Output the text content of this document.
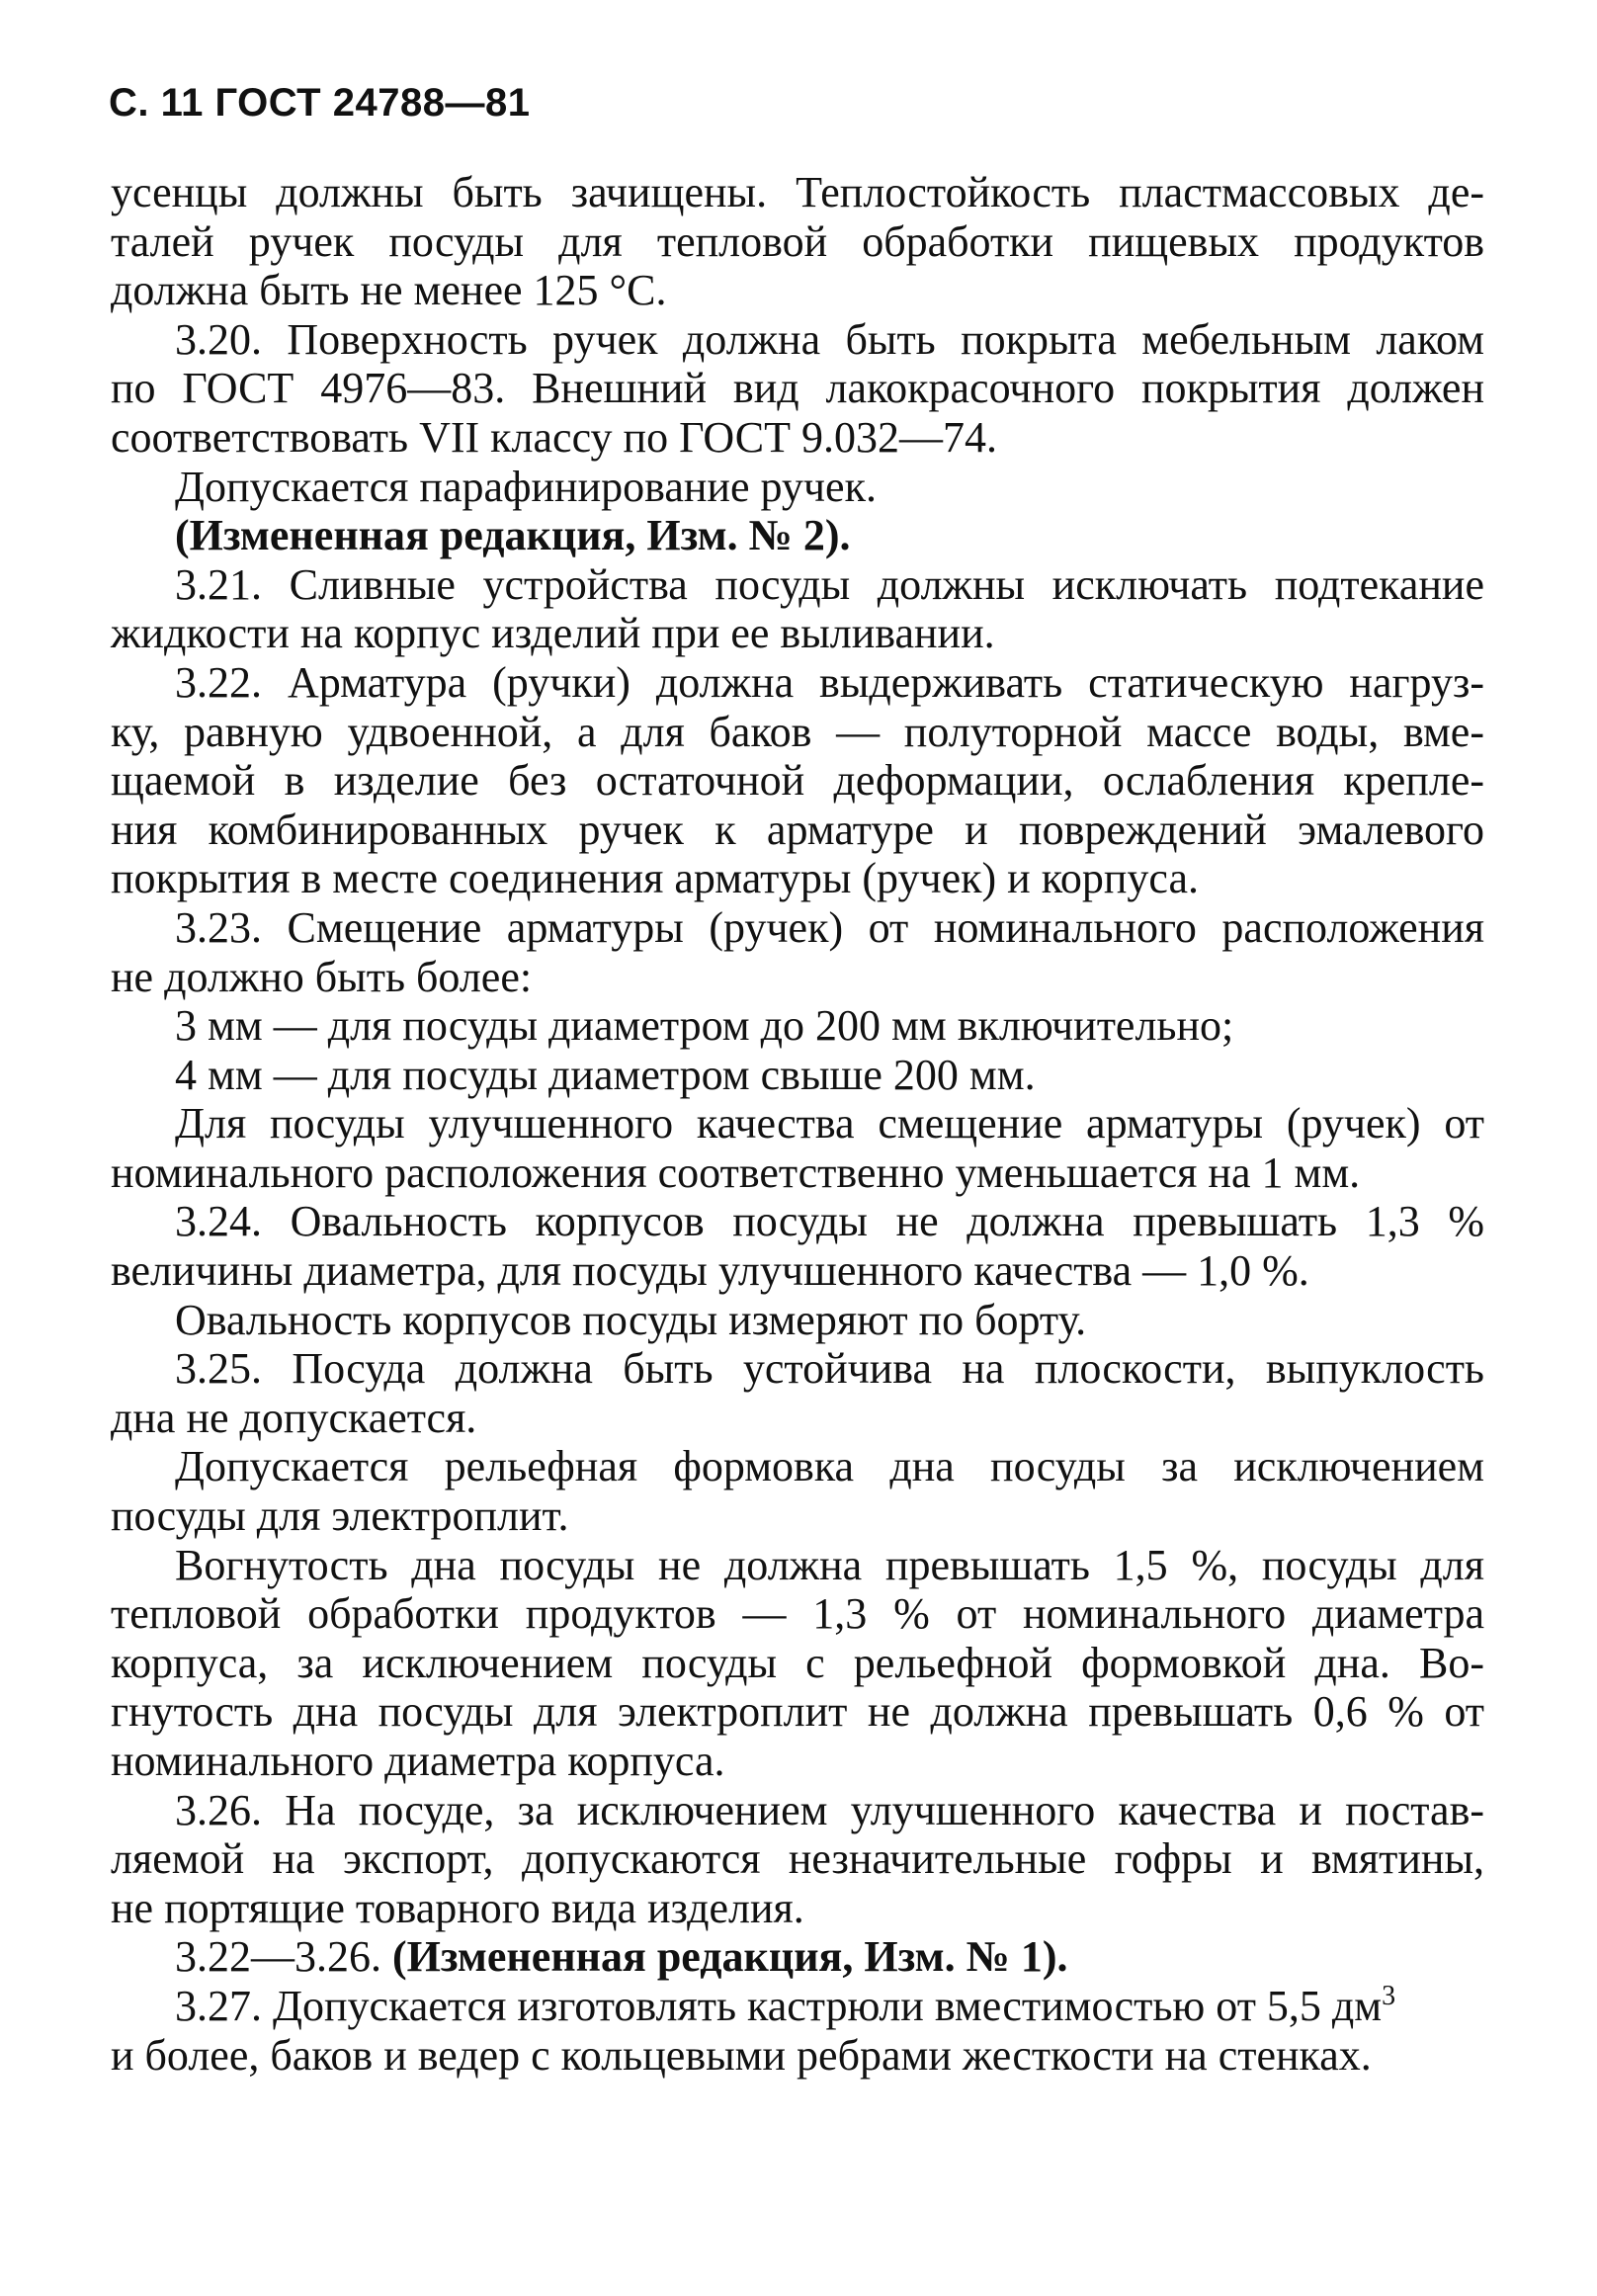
С. 11 ГОСТ 24788—81
усенцы должны быть зачищены. Теплостойкость пластмассовых де-
талей ручек посуды для тепловой обработки пищевых продуктов
должна быть не менее 125 °С.
3.20. Поверхность ручек должна быть покрыта мебельным лаком
по ГОСТ 4976—83. Внешний вид лакокрасочного покрытия должен
соответствовать VII классу по ГОСТ 9.032—74.
Допускается парафинирование ручек.
(Измененная редакция, Изм. № 2).
3.21. Сливные устройства посуды должны исключать подтекание
жидкости на корпус изделий при ее выливании.
3.22. Арматура (ручки) должна выдерживать статическую нагруз-
ку, равную удвоенной, а для баков — полуторной массе воды, вме-
щаемой в изделие без остаточной деформации, ослабления крепле-
ния комбинированных ручек к арматуре и повреждений эмалевого
покрытия в месте соединения арматуры (ручек) и корпуса.
3.23. Смещение арматуры (ручек) от номинального расположения
не должно быть более:
3 мм — для посуды диаметром до 200 мм включительно;
4 мм — для посуды диаметром свыше 200 мм.
Для посуды улучшенного качества смещение арматуры (ручек) от
номинального расположения соответственно уменьшается на 1 мм.
3.24. Овальность корпусов посуды не должна превышать 1,3 %
величины диаметра, для посуды улучшенного качества — 1,0 %.
Овальность корпусов посуды измеряют по борту.
3.25. Посуда должна быть устойчива на плоскости, выпуклость
дна не допускается.
Допускается рельефная формовка дна посуды за исключением
посуды для электроплит.
Вогнутость дна посуды не должна превышать 1,5 %, посуды для
тепловой обработки продуктов — 1,3 % от номинального диаметра
корпуса, за исключением посуды с рельефной формовкой дна. Во-
гнутость дна посуды для электроплит не должна превышать 0,6 % от
номинального диаметра корпуса.
3.26. На посуде, за исключением улучшенного качества и постав-
ляемой на экспорт, допускаются незначительные гофры и вмятины,
не портящие товарного вида изделия.
3.22—3.26. (Измененная редакция, Изм. № 1).
3.27. Допускается изготовлять кастрюли вместимостью от 5,5 $дм^3$
и более, баков и ведер с кольцевыми ребрами жесткости на стенках.
